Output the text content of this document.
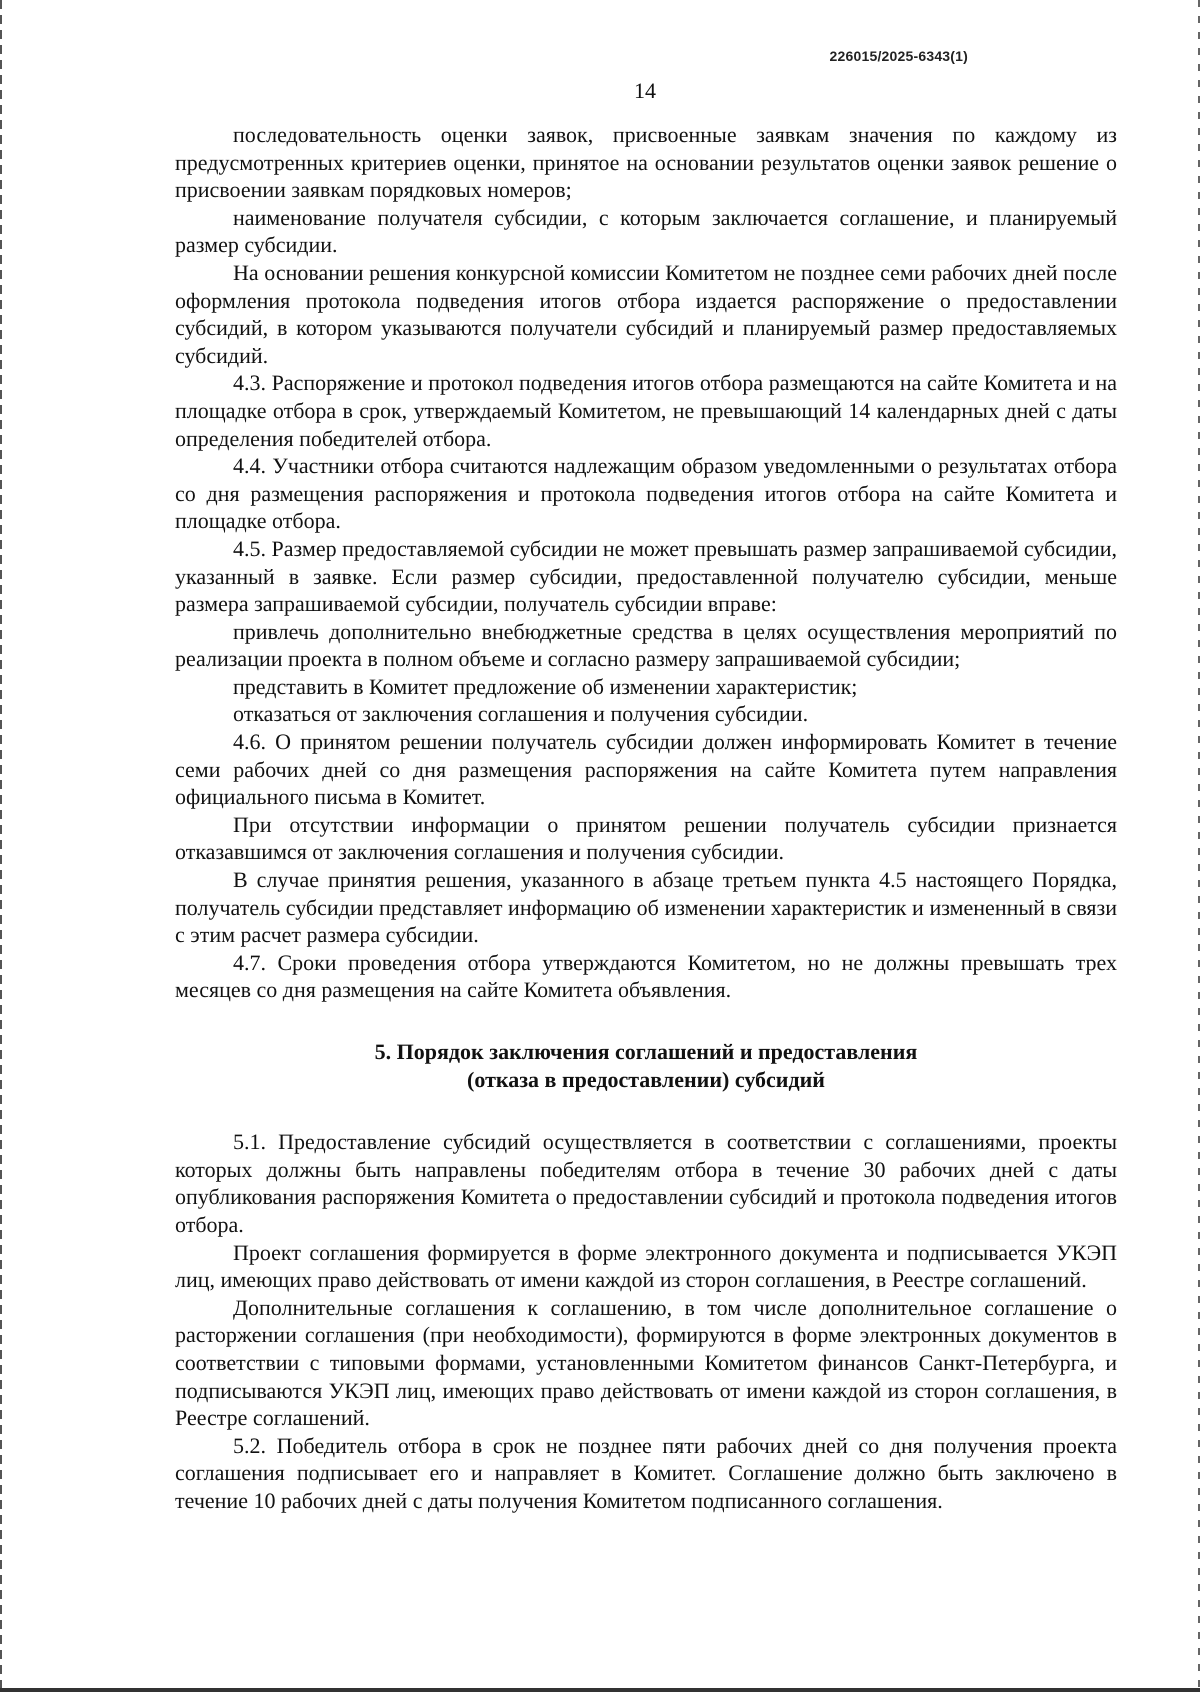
226015/2025-6343(1)
14

последовательность оценки заявок, присвоенные заявкам значения по каждому из предусмотренных критериев оценки, принятое на основании результатов оценки заявок решение о присвоении заявкам порядковых номеров;

наименование получателя субсидии, с которым заключается соглашение, и планируемый размер субсидии.

На основании решения конкурсной комиссии Комитетом не позднее семи рабочих дней после оформления протокола подведения итогов отбора издается распоряжение о предоставлении субсидий, в котором указываются получатели субсидий и планируемый размер предоставляемых субсидий.

4.3. Распоряжение и протокол подведения итогов отбора размещаются на сайте Комитета и на площадке отбора в срок, утверждаемый Комитетом, не превышающий 14 календарных дней с даты определения победителей отбора.

4.4. Участники отбора считаются надлежащим образом уведомленными о результатах отбора со дня размещения распоряжения и протокола подведения итогов отбора на сайте Комитета и площадке отбора.

4.5. Размер предоставляемой субсидии не может превышать размер запрашиваемой субсидии, указанный в заявке. Если размер субсидии, предоставленной получателю субсидии, меньше размера запрашиваемой субсидии, получатель субсидии вправе:

привлечь дополнительно внебюджетные средства в целях осуществления мероприятий по реализации проекта в полном объеме и согласно размеру запрашиваемой субсидии;

представить в Комитет предложение об изменении характеристик;

отказаться от заключения соглашения и получения субсидии.

4.6. О принятом решении получатель субсидии должен информировать Комитет в течение семи рабочих дней со дня размещения распоряжения на сайте Комитета путем направления официального письма в Комитет.

При отсутствии информации о принятом решении получатель субсидии признается отказавшимся от заключения соглашения и получения субсидии.

В случае принятия решения, указанного в абзаце третьем пункта 4.5 настоящего Порядка, получатель субсидии представляет информацию об изменении характеристик и измененный в связи с этим расчет размера субсидии.

4.7. Сроки проведения отбора утверждаются Комитетом, но не должны превышать трех месяцев со дня размещения на сайте Комитета объявления.

5. Порядок заключения соглашений и предоставления
(отказа в предоставлении) субсидий

5.1. Предоставление субсидий осуществляется в соответствии с соглашениями, проекты которых должны быть направлены победителям отбора в течение 30 рабочих дней с даты опубликования распоряжения Комитета о предоставлении субсидий и протокола подведения итогов отбора.

Проект соглашения формируется в форме электронного документа и подписывается УКЭП лиц, имеющих право действовать от имени каждой из сторон соглашения, в Реестре соглашений.

Дополнительные соглашения к соглашению, в том числе дополнительное соглашение о расторжении соглашения (при необходимости), формируются в форме электронных документов в соответствии с типовыми формами, установленными Комитетом финансов Санкт-Петербурга, и подписываются УКЭП лиц, имеющих право действовать от имени каждой из сторон соглашения, в Реестре соглашений.

5.2. Победитель отбора в срок не позднее пяти рабочих дней со дня получения проекта соглашения подписывает его и направляет в Комитет. Соглашение должно быть заключено в течение 10 рабочих дней с даты получения Комитетом подписанного соглашения.
